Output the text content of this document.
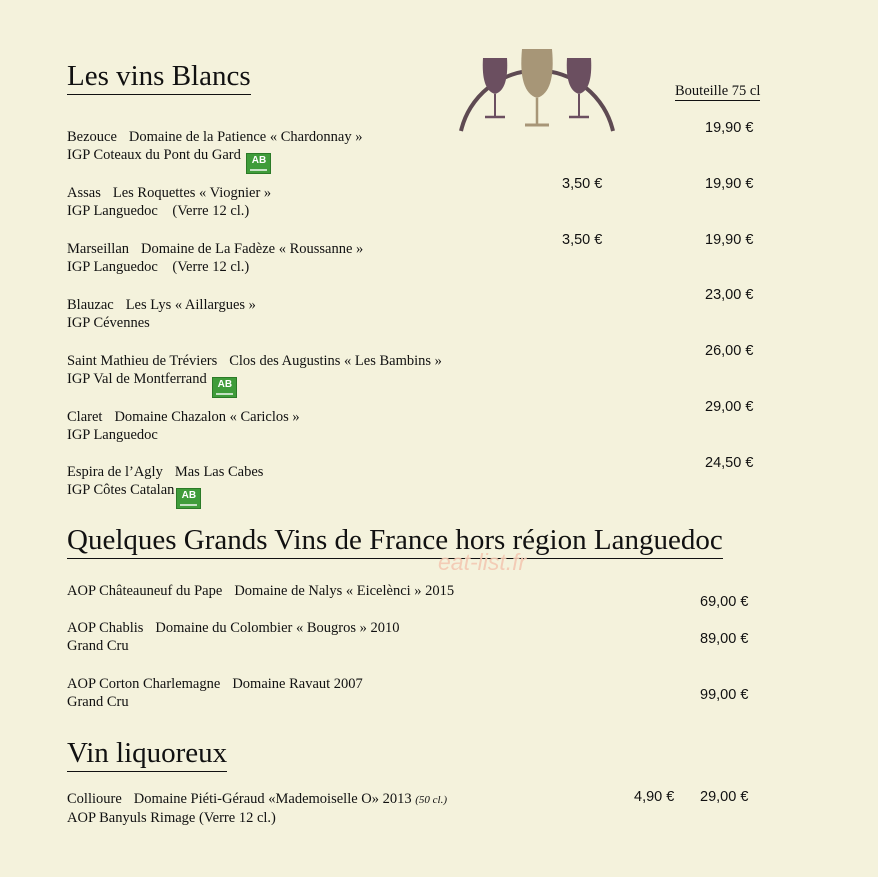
Bouteille 75 cl
Les vins Blancs
Bezouce Domaine de la Patience « Chardonnay »
IGP Coteaux du Pont du Gard AB
19,90 €
Assas Les Roquettes « Viognier »
IGP Languedoc    (Verre 12 cl.)
3,50 €	19,90 €
Marseillan Domaine de La Fadèze « Roussanne »
IGP Languedoc    (Verre 12 cl.)
3,50 €	19,90 €
Blauzac Les Lys « Aillargues »
IGP Cévennes
23,00 €
Saint Mathieu de Tréviers Clos des Augustins « Les Bambins »
IGP Val de Montferrand AB
26,00 €
Claret Domaine Chazalon « Cariclos »
IGP Languedoc
29,00 €
Espira de l’Agly Mas Las Cabes
IGP Côtes Catalan AB
24,50 €
Quelques Grands Vins de France hors région Languedoc
eat-list.fr
AOP Châteauneuf du Pape Domaine de Nalys « Eicelènci » 2015
69,00 €
AOP Chablis Domaine du Colombier « Bougros » 2010
Grand Cru	89,00 €
AOP Corton Charlemagne Domaine Ravaut 2007
Grand Cru	99,00 €
Vin liquoreux
Collioure Domaine Piéti-Géraud «Mademoiselle O» 2013 (50 cl.)
AOP Banyuls Rimage (Verre 12 cl.)
4,90 € 29,00 €
